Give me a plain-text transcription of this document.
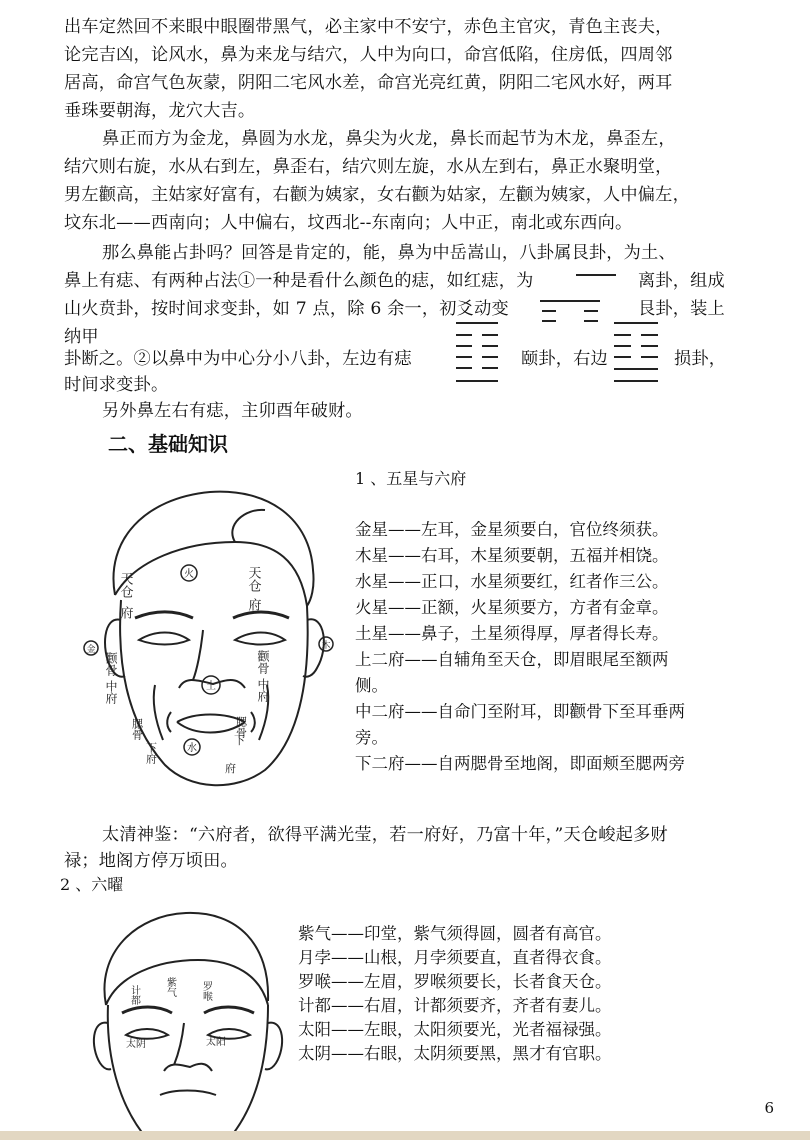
出车定然回不来眼中眼圈带黑气，必主家中不安宁，赤色主官灾，青色主丧夫，
论完吉凶，论风水，鼻为来龙与结穴，人中为向口，命宫低陷，住房低，四周邻
居高，命宫气色灰蒙，阴阳二宅风水差，命宫光亮红黄，阴阳二宅风水好，两耳
垂珠要朝海，龙穴大吉。
鼻正而方为金龙，鼻圆为水龙，鼻尖为火龙，鼻长而起节为木龙，鼻歪左，
结穴则右旋，水从右到左，鼻歪右，结穴则左旋，水从左到右，鼻正水聚明堂，
男左颧高，主姑家好富有，右颧为姨家，女右颧为姑家，左颧为姨家，人中偏左，
坟东北——西南向；人中偏右，坟西北--东南向；人中正，南北或东西向。
那么鼻能占卦吗？回答是肯定的，能，鼻为中岳嵩山，八卦属艮卦，为土、
鼻上有痣、有两种占法①一种是看什么颜色的痣，如红痣，为	离卦，组成
山火贲卦，按时间求变卦，如 7 点，除 6 余一，初爻动变	艮卦，装上
纳甲
卦断之。②以鼻中为中心分小八卦，左边有痣	颐卦，右边	损卦，
时间求变卦。
另外鼻左右有痣，主卯酉年破财。
二、基础知识
1 、五星与六府
火
土
水
金	木
天仓
府
天仓
府
颧骨
中府
颧骨
中府
腮骨
下府
腮骨
下
府
金星——左耳，金星须要白，官位终须获。
木星——右耳，木星须要朝，五福并相饶。
水星——正口，水星须要红，红者作三公。
火星——正额，火星须要方，方者有金章。
土星——鼻子，土星须得厚，厚者得长寿。
上二府——自辅角至天仓，即眉眼尾至额两
侧。
中二府——自命门至附耳，即颧骨下至耳垂两
旁。
下二府——自两腮骨至地阁，即面颊至腮两旁
太清神鉴：“六府者，欲得平满光莹，若一府好，乃富十年，”天仓峻起多财
禄；地阁方停万顷田。
2 、六曜
计都	紫气	罗喉
太阴	太阳
紫气——印堂，紫气须得圆，圆者有高官。
月孛——山根，月孛须要直，直者得衣食。
罗喉——左眉，罗喉须要长，长者食天仓。
计都——右眉，计都须要齐，齐者有妻儿。
太阳——左眼，太阳须要光，光者福禄强。
太阴——右眼，太阴须要黑，黑才有官职。
6
